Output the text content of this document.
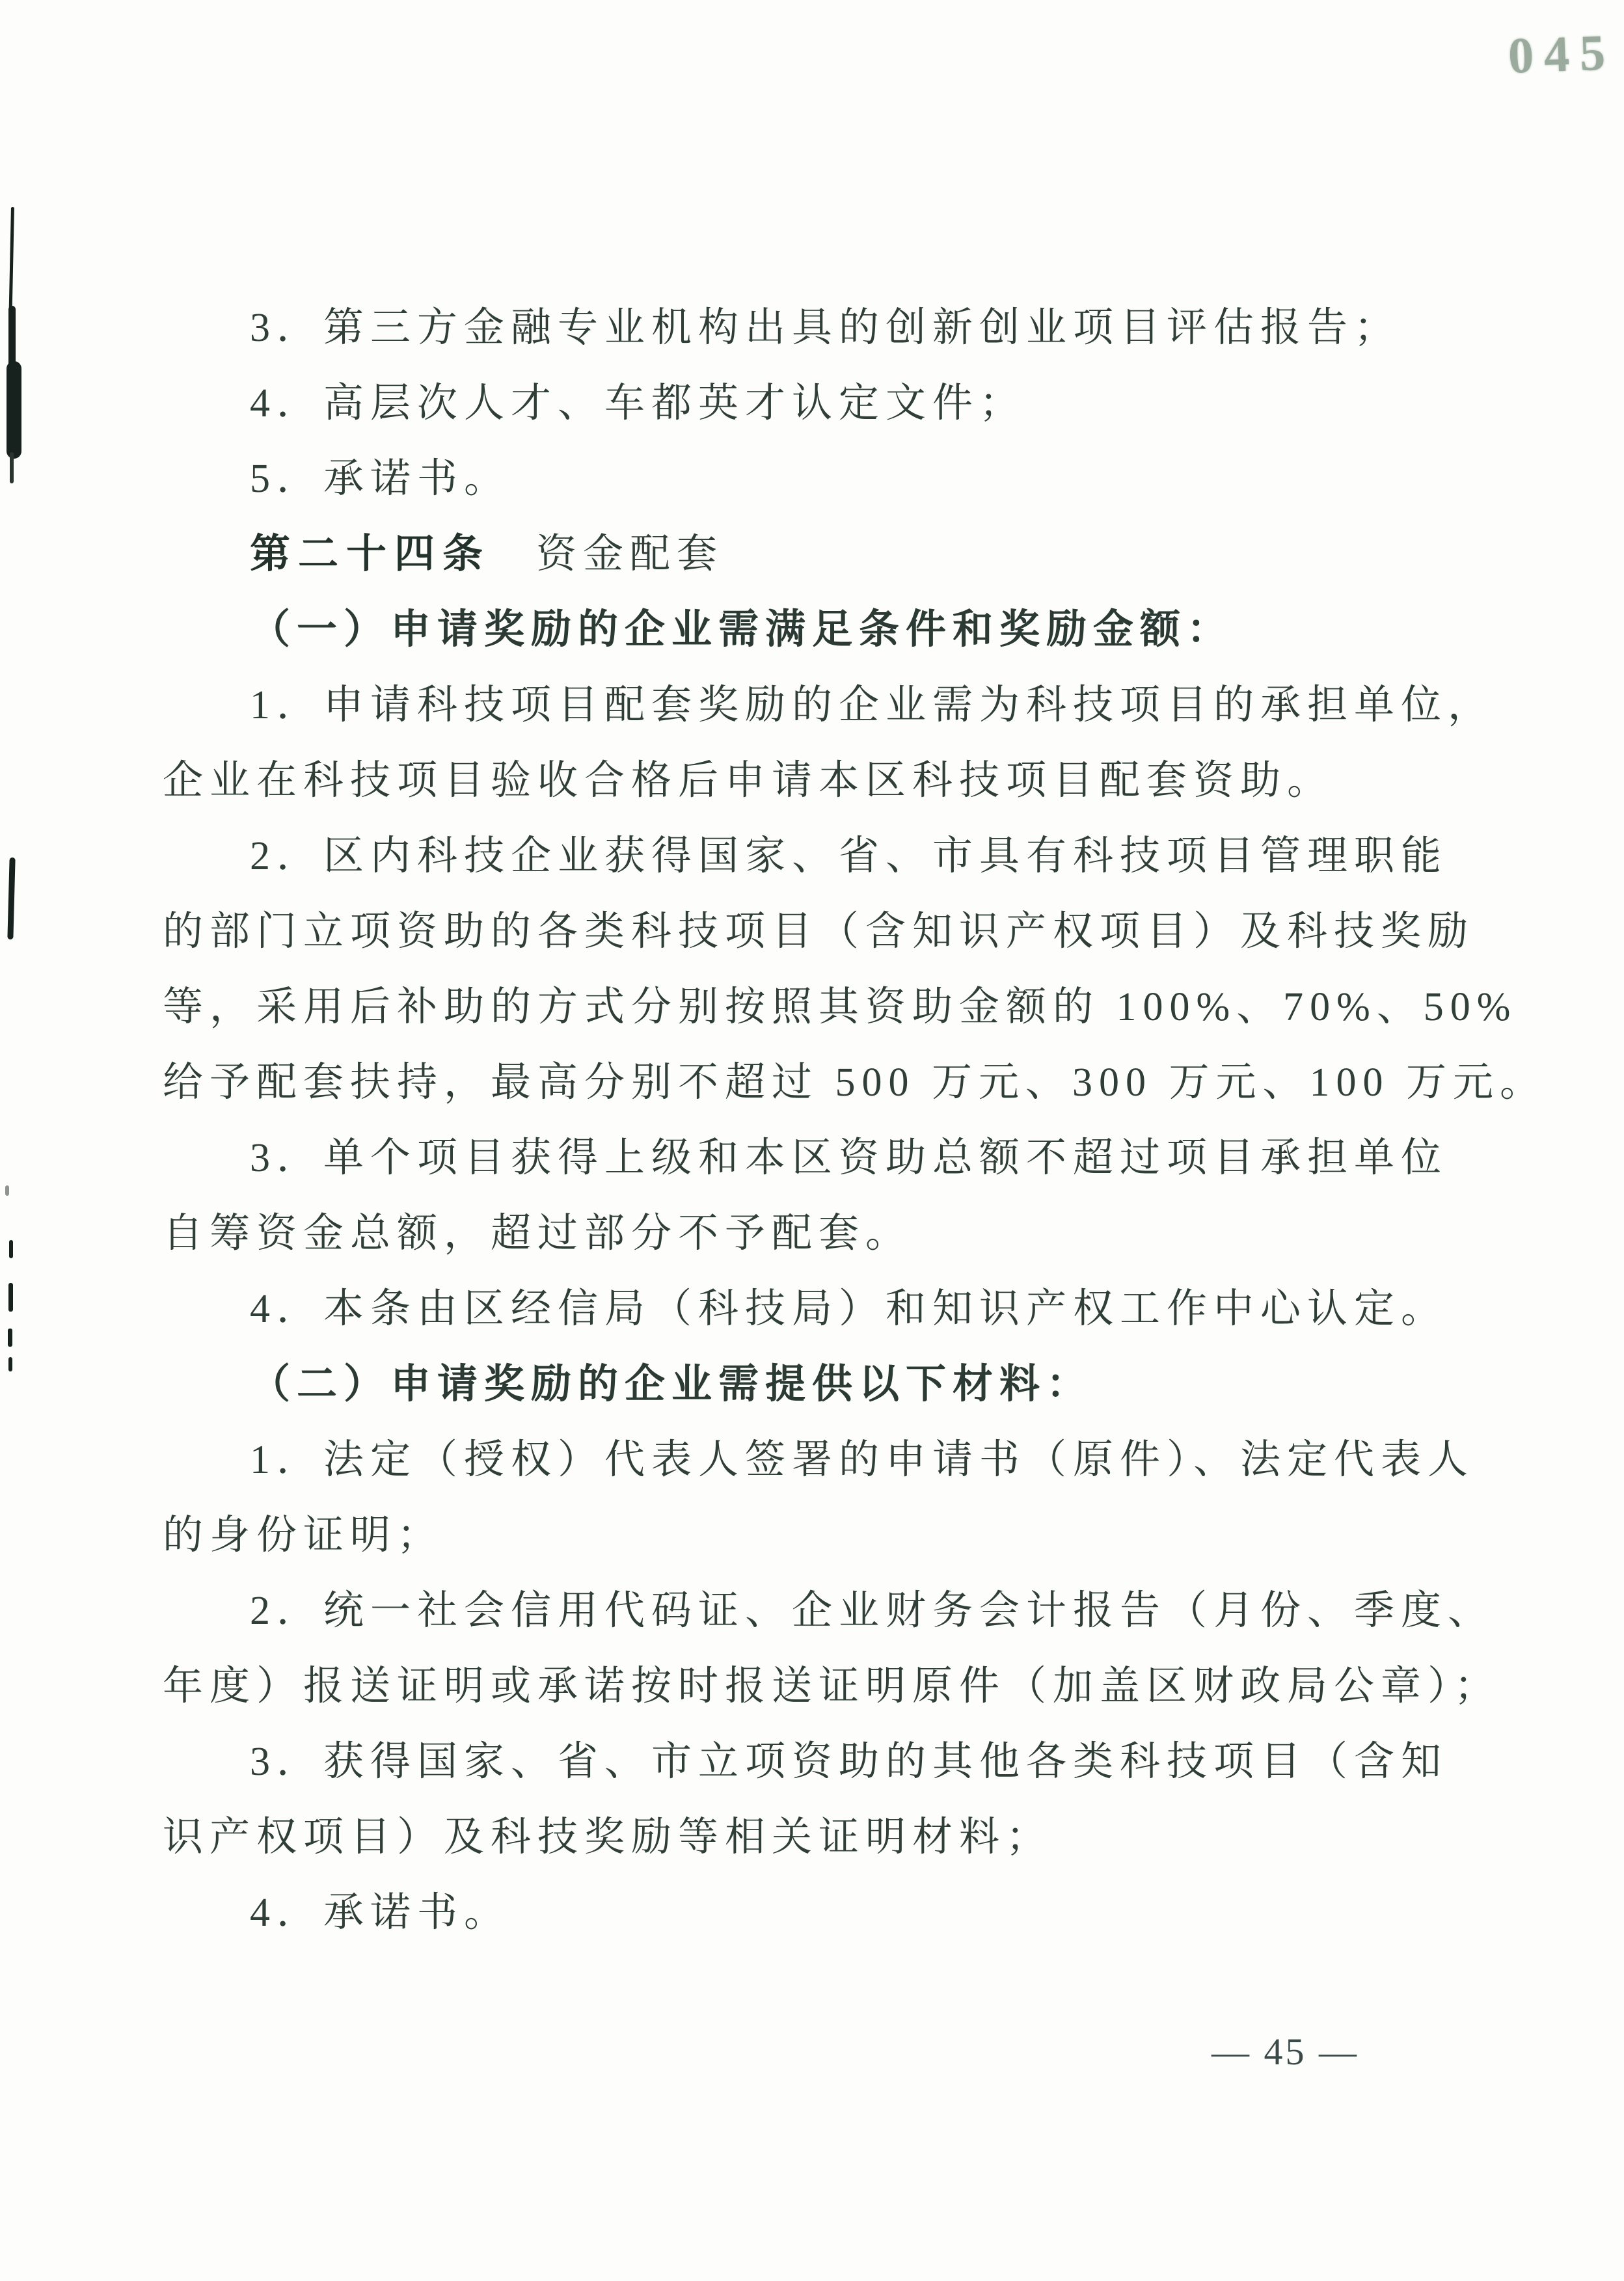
045
3．第三方金融专业机构出具的创新创业项目评估报告；
4．高层次人才、车都英才认定文件；
5．承诺书。
第二十四条 资金配套
（一）申请奖励的企业需满足条件和奖励金额：
1．申请科技项目配套奖励的企业需为科技项目的承担单位，
企业在科技项目验收合格后申请本区科技项目配套资助。
2．区内科技企业获得国家、省、市具有科技项目管理职能
的部门立项资助的各类科技项目（含知识产权项目）及科技奖励
等，采用后补助的方式分别按照其资助金额的 100%、70%、50%
给予配套扶持，最高分别不超过 500 万元、300 万元、100 万元。
3．单个项目获得上级和本区资助总额不超过项目承担单位
自筹资金总额，超过部分不予配套。
4．本条由区经信局（科技局）和知识产权工作中心认定。
（二）申请奖励的企业需提供以下材料：
1．法定（授权）代表人签署的申请书（原件）、法定代表人
的身份证明；
2．统一社会信用代码证、企业财务会计报告（月份、季度、
年度）报送证明或承诺按时报送证明原件（加盖区财政局公章）；
3．获得国家、省、市立项资助的其他各类科技项目（含知
识产权项目）及科技奖励等相关证明材料；
4．承诺书。
— 45 —
